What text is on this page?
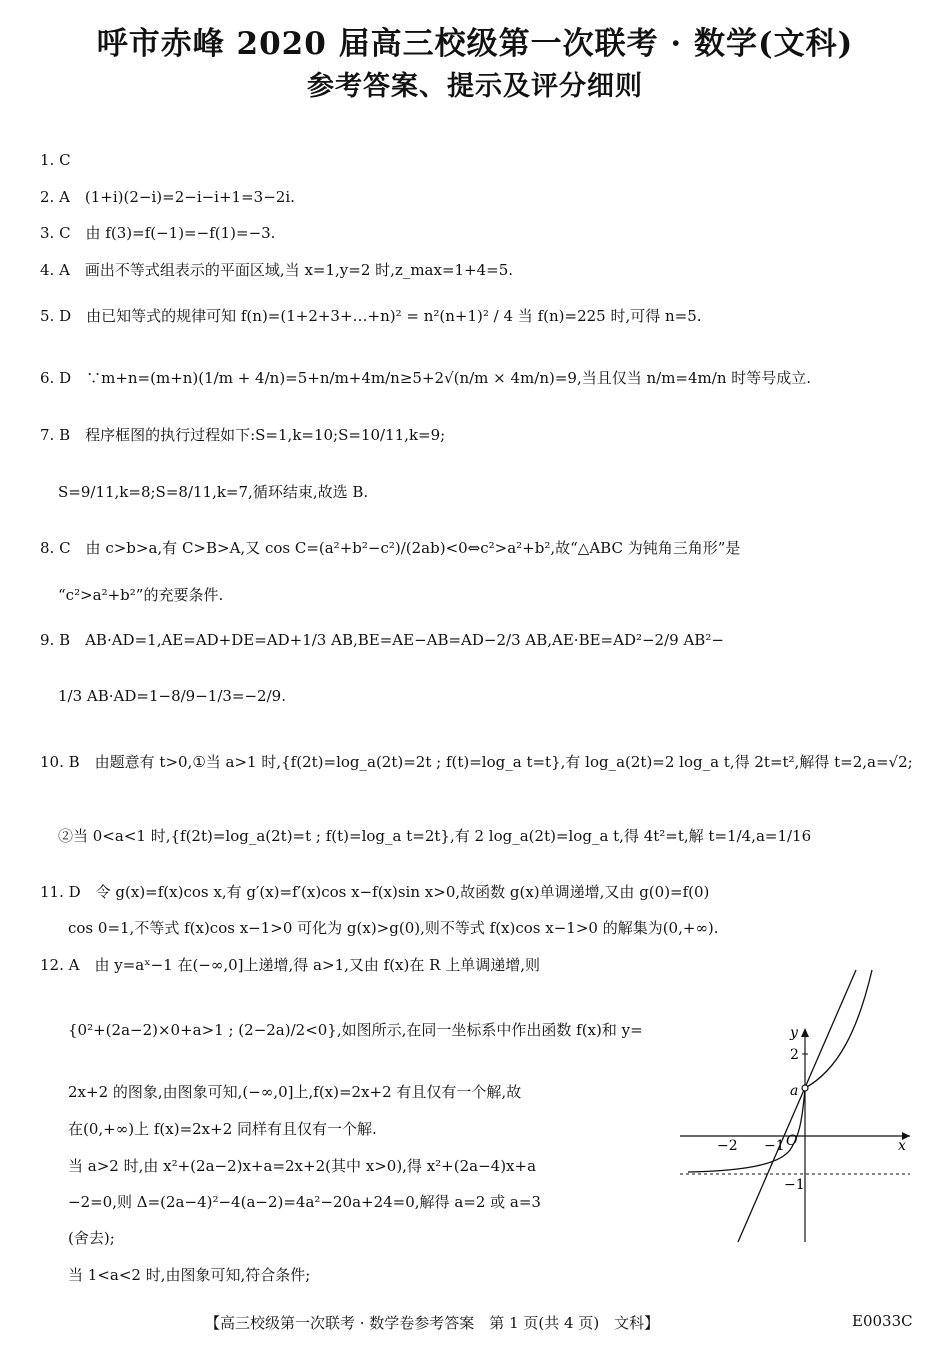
呼市赤峰 2020 届高三校级第一次联考 · 数学(文科)
参考答案、提示及评分细则
1. C
2. A　(1+i)(2−i)=2−i−i+1=3−2i.
3. C　由 f(3)=f(−1)=−f(1)=−3.
4. A　画出不等式组表示的平面区域,当 x=1,y=2 时,z_max=1+4=5.
5. D　由已知等式的规律可知 f(n)=(1+2+3+…+n)² = n²(n+1)² / 4 当 f(n)=225 时,可得 n=5.
6. D　∵m+n=(m+n)(1/m + 4/n)=5+n/m+4m/n≥5+2√(n/m × 4m/n)=9,当且仅当 n/m=4m/n 时等号成立.
7. B　程序框图的执行过程如下:S=1,k=10;S=10/11,k=9;
S=9/11,k=8;S=8/11,k=7,循环结束,故选 B.
8. C　由 c>b>a,有 C>B>A,又 cos C=(a²+b²−c²)/(2ab)<0⇔c²>a²+b²,故“△ABC 为钝角三角形”是
“c²>a²+b²”的充要条件.
9. B　AB·AD=1,AE=AD+DE=AD+1/3 AB,BE=AE−AB=AD−2/3 AB,AE·BE=AD²−2/9 AB²−
1/3 AB·AD=1−8/9−1/3=−2/9.
10. B　由题意有 t>0,①当 a>1 时,{f(2t)=log_a(2t)=2t ; f(t)=log_a t=t},有 log_a(2t)=2 log_a t,得 2t=t²,解得 t=2,a=√2;
②当 0<a<1 时,{f(2t)=log_a(2t)=t ; f(t)=log_a t=2t},有 2 log_a(2t)=log_a t,得 4t²=t,解 t=1/4,a=1/16
11. D　令 g(x)=f(x)cos x,有 g′(x)=f′(x)cos x−f(x)sin x>0,故函数 g(x)单调递增,又由 g(0)=f(0)
cos 0=1,不等式 f(x)cos x−1>0 可化为 g(x)>g(0),则不等式 f(x)cos x−1>0 的解集为(0,+∞).
12. A　由 y=aˣ−1 在(−∞,0]上递增,得 a>1,又由 f(x)在 R 上单调递增,则
{0²+(2a−2)×0+a>1 ; (2−2a)/2<0},如图所示,在同一坐标系中作出函数 f(x)和 y=
2x+2 的图象,由图象可知,(−∞,0]上,f(x)=2x+2 有且仅有一个解,故
在(0,+∞)上 f(x)=2x+2 同样有且仅有一个解.
当 a>2 时,由 x²+(2a−2)x+a=2x+2(其中 x>0),得 x²+(2a−4)x+a
−2=0,则 Δ=(2a−4)²−4(a−2)=4a²−20a+24=0,解得 a=2 或 a=3
(舍去);
当 1<a<2 时,由图象可知,符合条件;
y
x
2
a
−2 −1 O
−1
【高三校级第一次联考 · 数学卷参考答案　第 1 页(共 4 页)　文科】	E0033C
